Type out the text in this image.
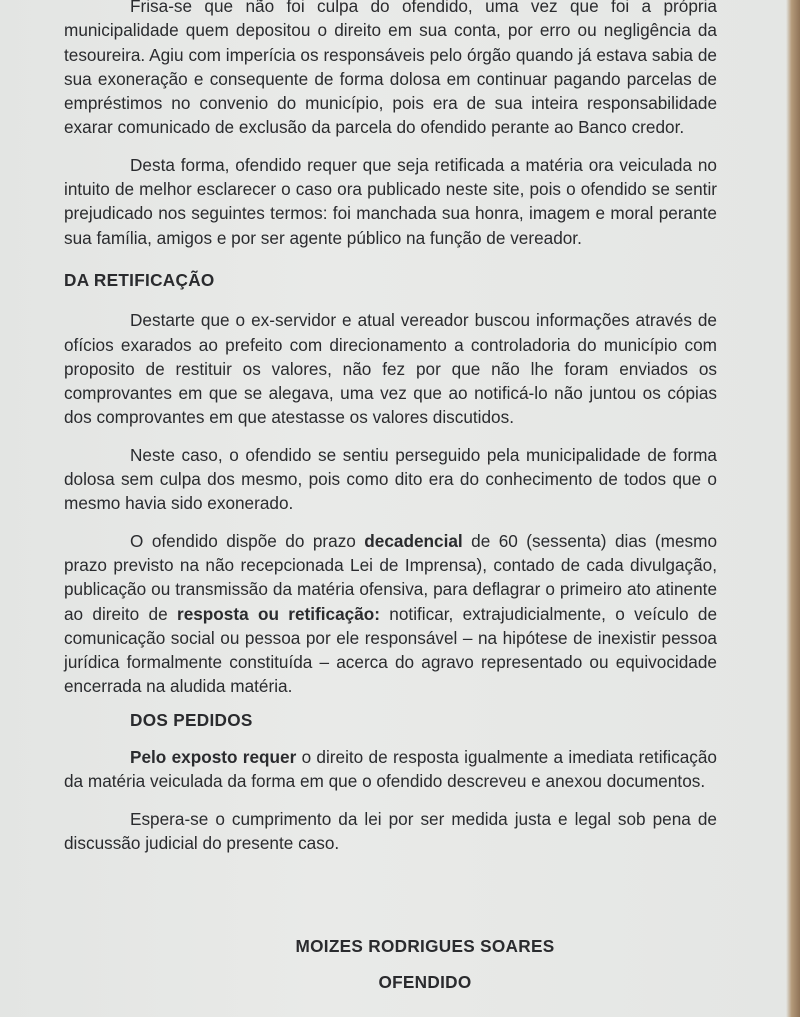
Frisa-se que não foi culpa do ofendido, uma vez que foi a própria municipalidade quem depositou o direito em sua conta, por erro ou negligência da tesoureira. Agiu com imperícia os responsáveis pelo órgão quando já estava sabia de sua exoneração e consequente de forma dolosa em continuar pagando parcelas de empréstimos no convenio do município, pois era de sua inteira responsabilidade exarar comunicado de exclusão da parcela do ofendido perante ao Banco credor.

Desta forma, ofendido requer que seja retificada a matéria ora veiculada no intuito de melhor esclarecer o caso ora publicado neste site, pois o ofendido se sentir prejudicado nos seguintes termos: foi manchada sua honra, imagem e moral perante sua família, amigos e por ser agente público na função de vereador.

DA RETIFICAÇÃO

Destarte que o ex-servidor e atual vereador buscou informações através de ofícios exarados ao prefeito com direcionamento a controladoria do município com proposito de restituir os valores, não fez por que não lhe foram enviados os comprovantes em que se alegava, uma vez que ao notificá-lo não juntou os cópias dos comprovantes em que atestasse os valores discutidos.

Neste caso, o ofendido se sentiu perseguido pela municipalidade de forma dolosa sem culpa dos mesmo, pois como dito era do conhecimento de todos que o mesmo havia sido exonerado.

O ofendido dispõe do prazo decadencial de 60 (sessenta) dias (mesmo prazo previsto na não recepcionada Lei de Imprensa), contado de cada divulgação, publicação ou transmissão da matéria ofensiva, para deflagrar o primeiro ato atinente ao direito de resposta ou retificação: notificar, extrajudicialmente, o veículo de comunicação social ou pessoa por ele responsável – na hipótese de inexistir pessoa jurídica formalmente constituída – acerca do agravo representado ou equivocidade encerrada na aludida matéria.

DOS PEDIDOS

Pelo exposto requer o direito de resposta igualmente a imediata retificação da matéria veiculada da forma em que o ofendido descreveu e anexou documentos.

Espera-se o cumprimento da lei por ser medida justa e legal sob pena de discussão judicial do presente caso.

MOIZES RODRIGUES SOARES
OFENDIDO
